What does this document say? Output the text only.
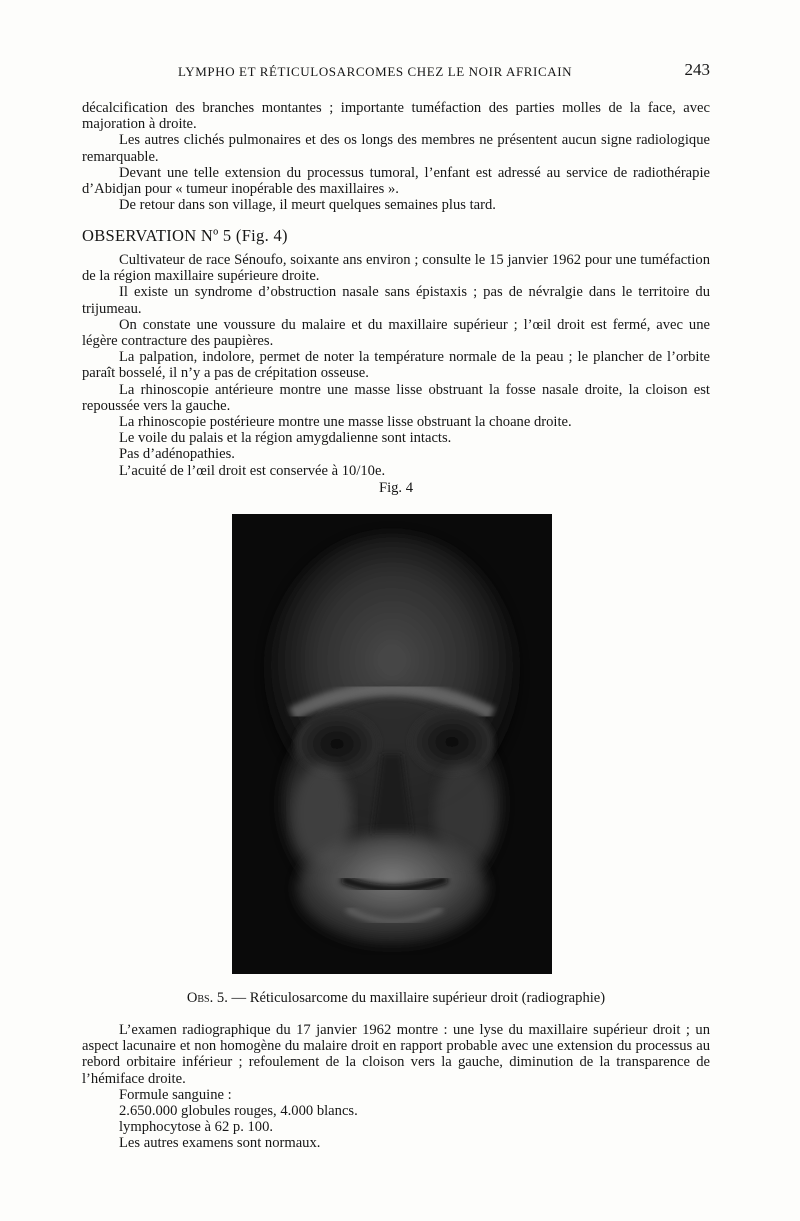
LYMPHO ET RÉTICULOSARCOMES CHEZ LE NOIR AFRICAIN	243

décalcification des branches montantes ; importante tuméfaction des parties molles de la face, avec majoration à droite.

Les autres clichés pulmonaires et des os longs des membres ne présentent aucun signe radiologique remarquable.

Devant une telle extension du processus tumoral, l’enfant est adressé au service de radiothérapie d’Abidjan pour « tumeur inopérable des maxillaires ».

De retour dans son village, il meurt quelques semaines plus tard.

OBSERVATION Nº 5 (Fig. 4)

Cultivateur de race Sénoufo, soixante ans environ ; consulte le 15 janvier 1962 pour une tuméfaction de la région maxillaire supérieure droite.

Il existe un syndrome d’obstruction nasale sans épistaxis ; pas de névralgie dans le territoire du trijumeau.

On constate une voussure du malaire et du maxillaire supérieur ; l’œil droit est fermé, avec une légère contracture des paupières.

La palpation, indolore, permet de noter la température normale de la peau ; le plancher de l’orbite paraît bosselé, il n’y a pas de crépitation osseuse.

La rhinoscopie antérieure montre une masse lisse obstruant la fosse nasale droite, la cloison est repoussée vers la gauche.

La rhinoscopie postérieure montre une masse lisse obstruant la choane droite.

Le voile du palais et la région amygdalienne sont intacts.

Pas d’adénopathies.

L’acuité de l’œil droit est conservée à 10/10e.

Fig. 4
Obs. 5. — Réticulosarcome du maxillaire supérieur droit (radiographie)

L’examen radiographique du 17 janvier 1962 montre : une lyse du maxillaire supérieur droit ; un aspect lacunaire et non homogène du malaire droit en rapport probable avec une extension du processus au rebord orbitaire inférieur ; refoulement de la cloison vers la gauche, diminution de la transparence de l’hémiface droite.

Formule sanguine :

2.650.000 globules rouges, 4.000 blancs.

lymphocytose à 62 p. 100.

Les autres examens sont normaux.
